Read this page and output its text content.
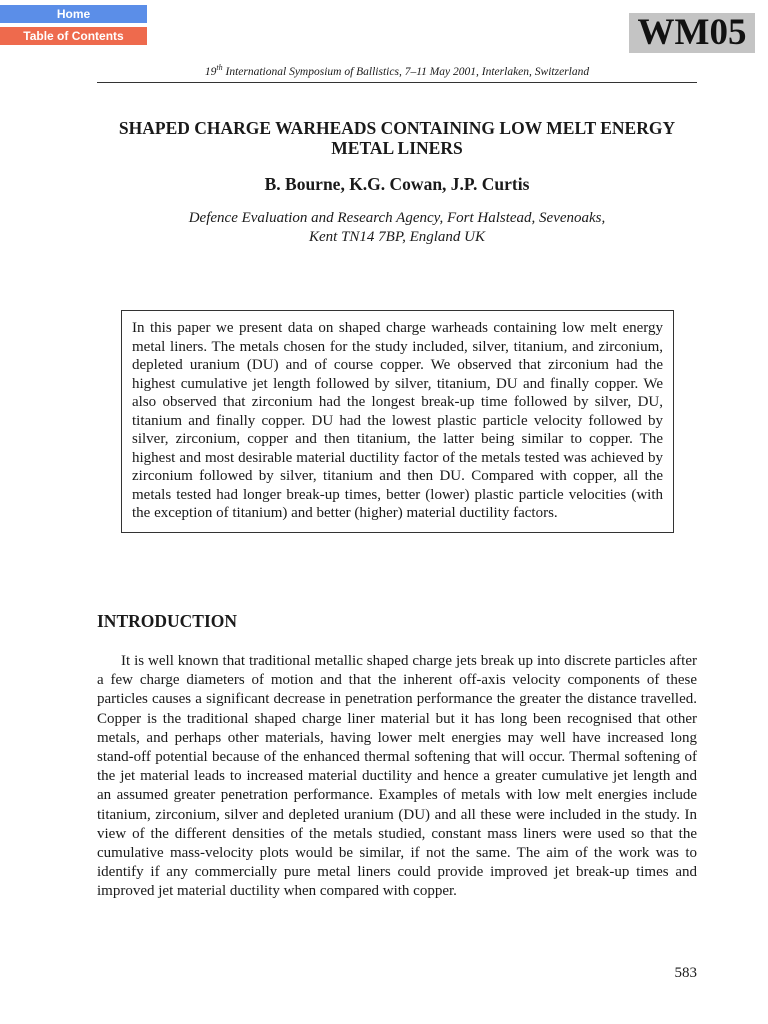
Home
Table of Contents	WM05
19th International Symposium of Ballistics, 7–11 May 2001, Interlaken, Switzerland
SHAPED CHARGE WARHEADS CONTAINING LOW MELT ENERGY METAL LINERS
B. Bourne, K.G. Cowan, J.P. Curtis
Defence Evaluation and Research Agency, Fort Halstead, Sevenoaks,
Kent TN14 7BP, England UK
In this paper we present data on shaped charge warheads containing low melt energy metal liners. The metals chosen for the study included, silver, titanium, and zirconium, depleted uranium (DU) and of course copper. We observed that zirconium had the highest cumulative jet length followed by silver, titanium, DU and finally copper. We also observed that zirconium had the longest break-up time followed by silver, DU, titanium and finally copper. DU had the lowest plastic particle velocity followed by silver, zirconium, copper and then titanium, the latter being similar to copper. The highest and most desirable material ductility factor of the metals tested was achieved by zirconium followed by silver, titanium and then DU. Compared with copper, all the metals tested had longer break-up times, better (lower) plastic particle velocities (with the exception of titanium) and better (higher) material ductility factors.
INTRODUCTION

It is well known that traditional metallic shaped charge jets break up into discrete particles after a few charge diameters of motion and that the inherent off-axis velocity components of these particles causes a significant decrease in penetration performance the greater the distance travelled. Copper is the traditional shaped charge liner material but it has long been recognised that other metals, and perhaps other materials, having lower melt energies may well have increased long stand-off potential because of the enhanced thermal softening that will occur. Thermal softening of the jet material leads to increased material ductility and hence a greater cumulative jet length and an assumed greater penetration performance. Examples of metals with low melt energies include titanium, zirconium, silver and depleted uranium (DU) and all these were included in the study. In view of the different densities of the metals studied, constant mass liners were used so that the cumulative mass-velocity plots would be similar, if not the same. The aim of the work was to identify if any commercially pure metal liners could provide improved jet break-up times and improved jet material ductility when compared with copper.

583
